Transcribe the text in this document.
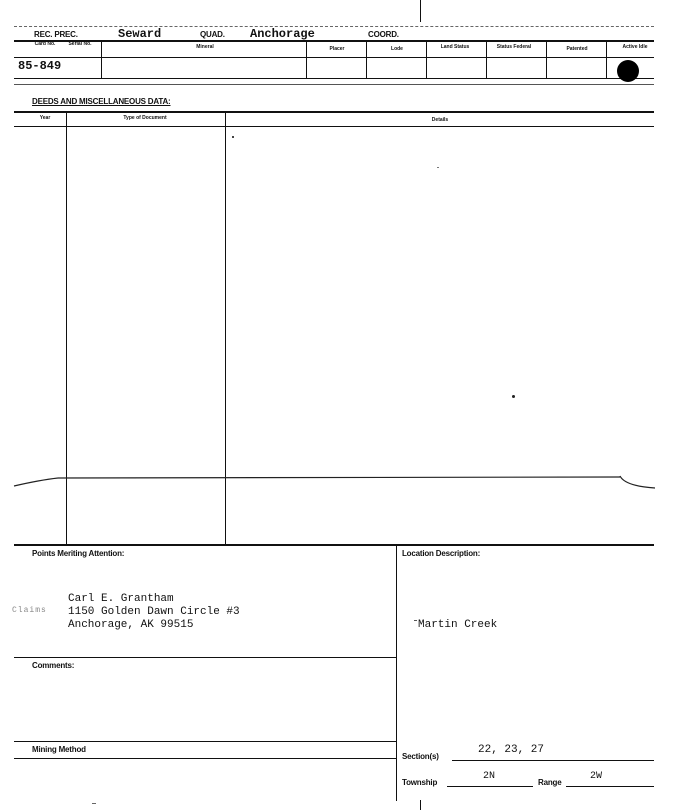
REC. PREC.	Seward	QUAD. Anchorage	COORD.
Card No.	Serial No.	Mineral	Placer	Lode	Land Status	Status Federal	Patented	Active Idle
85-849
DEEDS AND MISCELLANEOUS DATA:
Year	Type of Document	Details
Points Meriting Attention:
Claims
Carl E. Grantham
1150 Golden Dawn Circle #3
Anchorage, AK 99515
Comments:
Mining Method
Location Description:
Martin Creek
Section(s)
22, 23, 27
Township
2N
Range
2W
